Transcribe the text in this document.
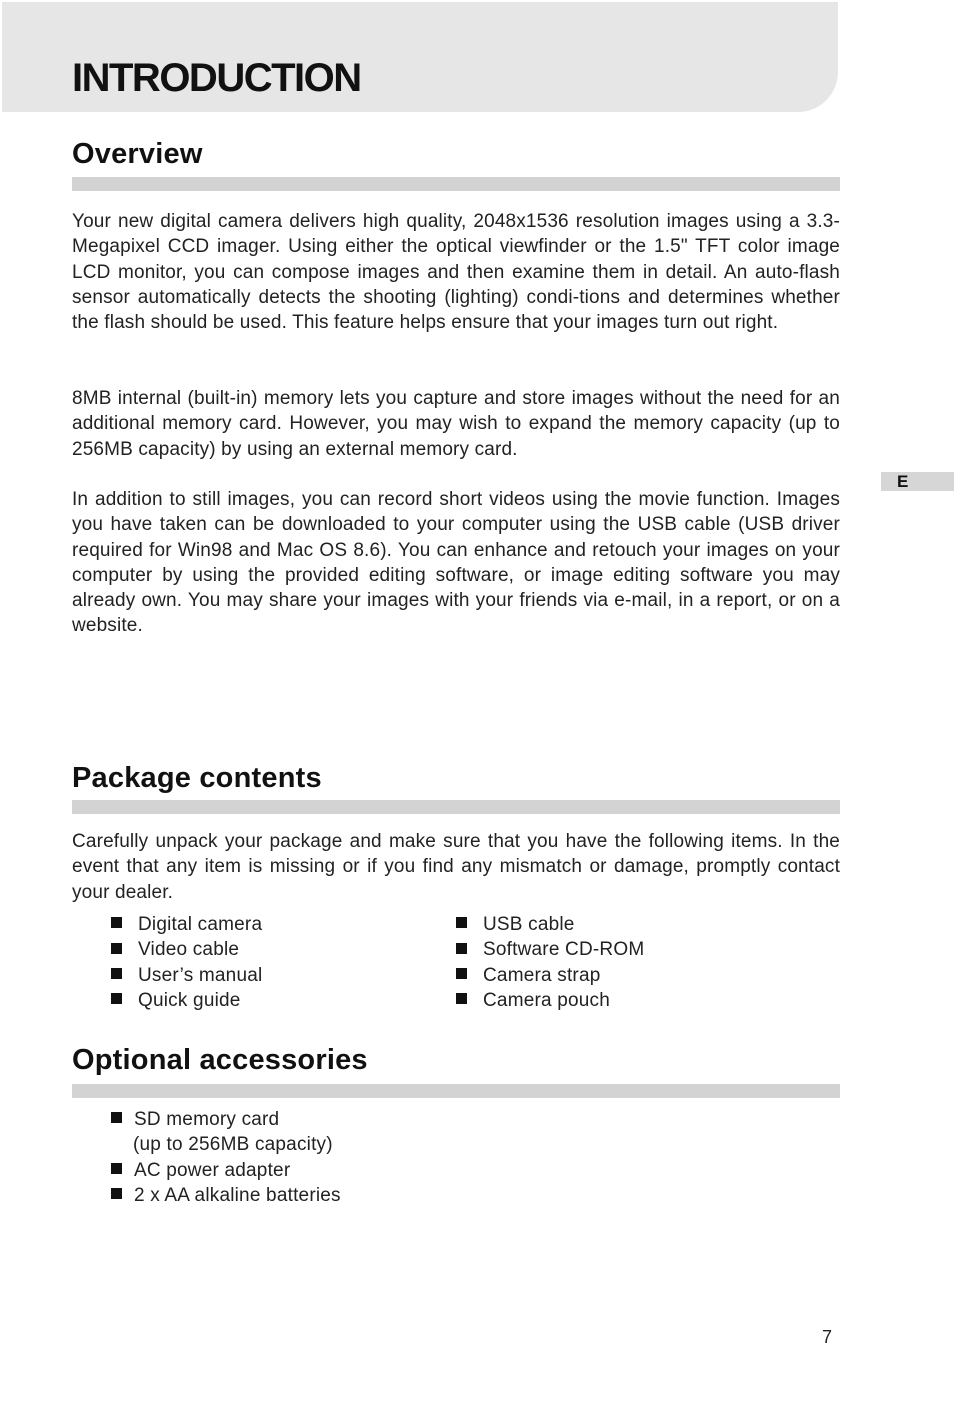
INTRODUCTION
E
Overview

Your new digital camera delivers high quality, 2048x1536 resolution images using a 3.3-Megapixel CCD imager. Using either the optical viewfinder or the 1.5" TFT color image LCD monitor, you can compose images and then examine them in detail. An auto-flash sensor automatically detects the shooting (lighting) condi-tions and determines whether the flash should be used. This feature helps ensure that your images turn out right.

8MB internal (built-in) memory lets you capture and store images without the need for an additional memory card. However, you may wish to expand the memory capacity (up to 256MB capacity) by using an external memory card.

In addition to still images, you can record short videos using the movie function. Images you have taken can be downloaded to your computer using the USB cable (USB driver required for Win98 and Mac OS 8.6). You can enhance and retouch your images on your computer by using the provided editing software, or image editing software you may already own. You may share your images with your friends via e-mail, in a report, or on a website.

Package contents

Carefully unpack your package and make sure that you have the following items. In the event that any item is missing or if you find any mismatch or damage, promptly contact your dealer.

Digital camera
Video cable
User’s manual
Quick guide
USB cable
Software CD-ROM
Camera strap
Camera pouch
Optional accessories
SD memory card
(up to 256MB capacity)
AC power adapter
2 x AA alkaline batteries
7
